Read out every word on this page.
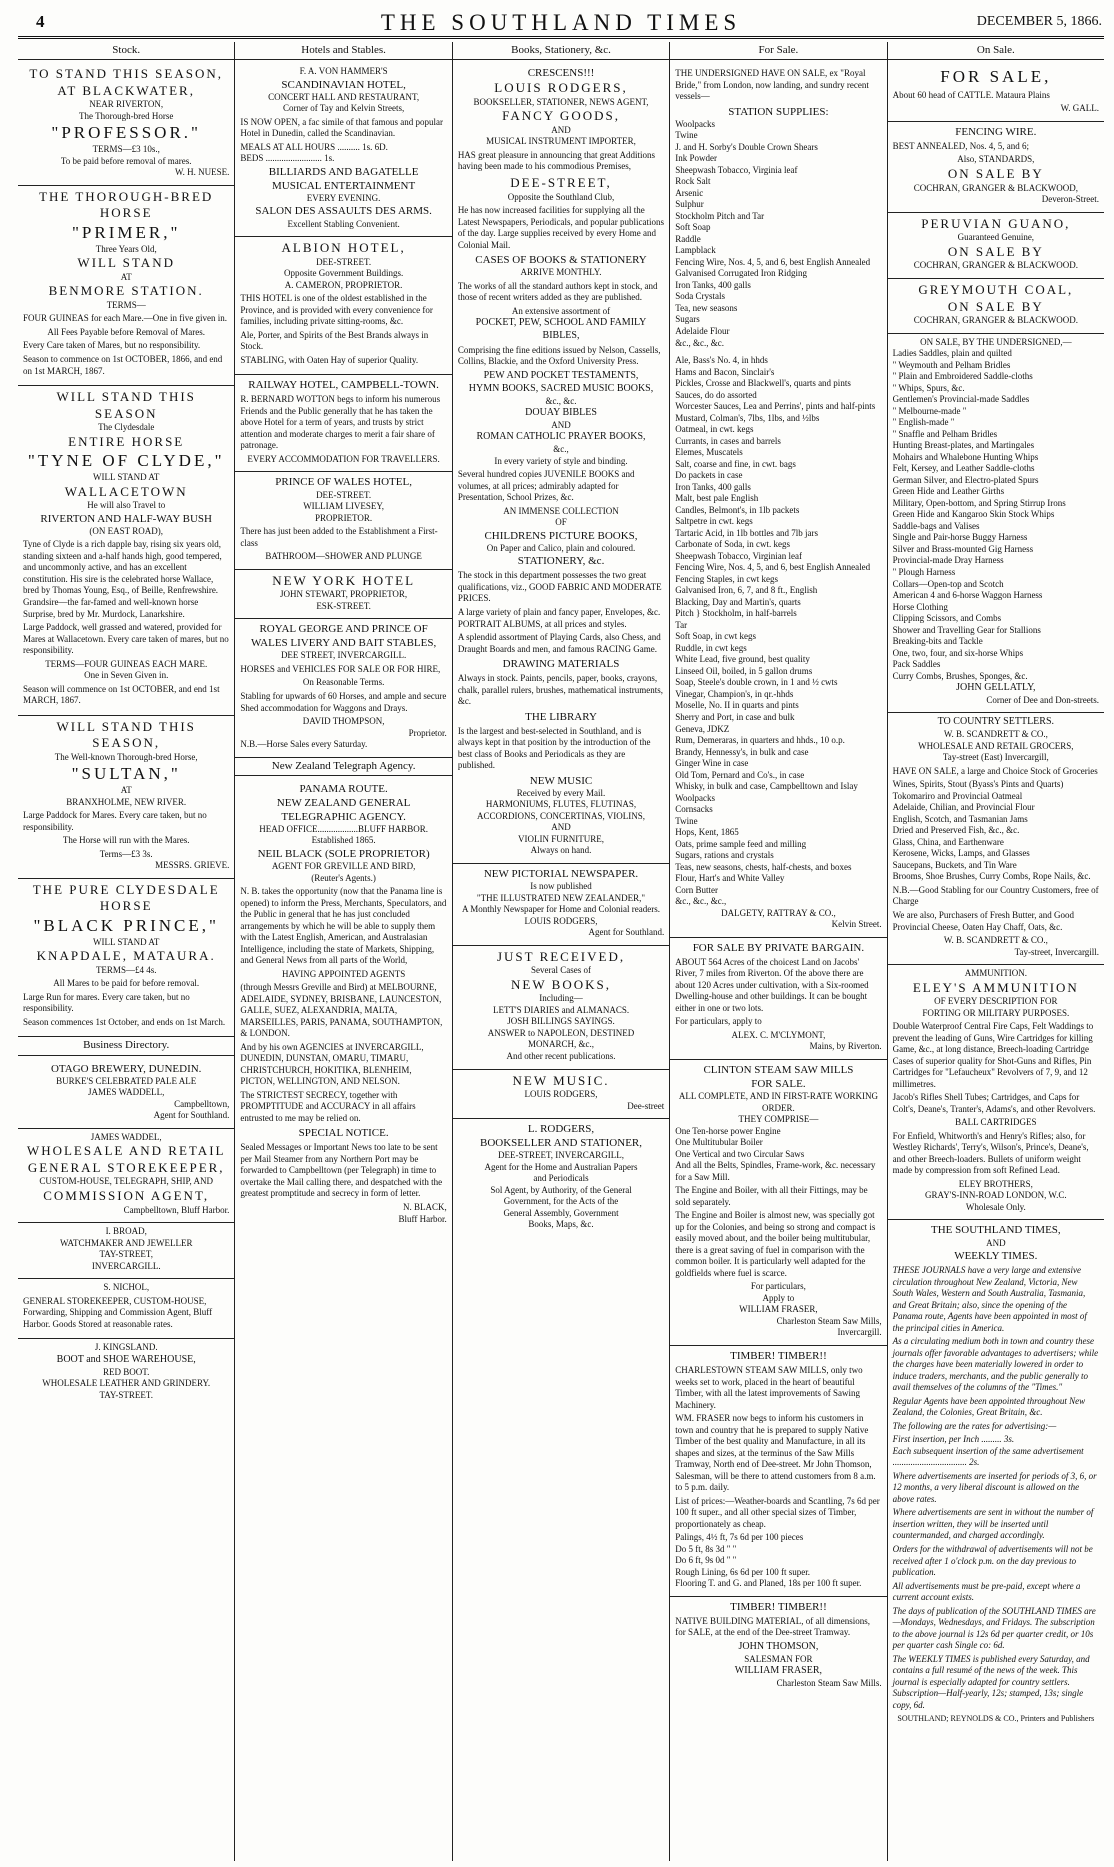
4	THE SOUTHLAND TIMES	DECEMBER 5, 1866.
Stock.
TO STAND THIS SEASON,
AT BLACKWATER,
NEAR RIVERTON,
The Thorough-bred Horse
"PROFESSOR."
TERMS—£3 10s.,
To be paid before removal of mares.
W. H. NUESE.
THE THOROUGH-BRED HORSE
"PRIMER,"
Three Years Old,
WILL STAND
AT
BENMORE STATION.
TERMS—

FOUR GUINEAS for each Mare.—One in five given in.

All Fees Payable before Removal of Mares.

Every Care taken of Mares, but no responsibility.

Season to commence on 1st OCTOBER, 1866, and end on 1st MARCH, 1867.

WILL STAND THIS SEASON
The Clydesdale
ENTIRE HORSE
"TYNE OF CLYDE,"
WILL STAND AT
WALLACETOWN
He will also Travel to
RIVERTON AND HALF-WAY BUSH
(ON EAST ROAD),

Tyne of Clyde is a rich dapple bay, rising six years old, standing sixteen and a-half hands high, good tempered, and uncommonly active, and has an excellent constitution. His sire is the celebrated horse Wallace, bred by Thomas Young, Esq., of Beille, Renfrewshire. Grandsire—the far-famed and well-known horse Surprise, bred by Mr. Murdock, Lanarkshire.

Large Paddock, well grassed and watered, provided for Mares at Wallacetown. Every care taken of mares, but no responsibility.

TERMS—FOUR GUINEAS EACH MARE.
One in Seven Given in.

Season will commence on 1st OCTOBER, and end 1st MARCH, 1867.

WILL STAND THIS SEASON,
The Well-known Thorough-bred Horse,
"SULTAN,"
AT
BRANXHOLME, NEW RIVER.

Large Paddock for Mares. Every care taken, but no responsibility.

The Horse will run with the Mares.

Terms—£3 3s.
MESSRS. GRIEVE.
THE PURE CLYDESDALE HORSE
"BLACK PRINCE,"
WILL STAND AT
KNAPDALE, MATAURA.
TERMS—£4 4s.

All Mares to be paid for before removal.

Large Run for mares. Every care taken, but no responsibility.

Season commences 1st October, and ends on 1st March.

Business Directory.
OTAGO BREWERY, DUNEDIN.
BURKE'S CELEBRATED PALE ALE
JAMES WADDELL,
Campbelltown,
Agent for Southland.
JAMES WADDEL,
WHOLESALE AND RETAIL
GENERAL STOREKEEPER,
CUSTOM-HOUSE, TELEGRAPH, SHIP, AND
COMMISSION AGENT,
Campbelltown, Bluff Harbor.
I. BROAD,
WATCHMAKER AND JEWELLER
TAY-STREET,
INVERCARGILL.
S. NICHOL,

GENERAL STOREKEEPER, CUSTOM-HOUSE, Forwarding, Shipping and Commission Agent, Bluff Harbor. Goods Stored at reasonable rates.

J. KINGSLAND.
BOOT and SHOE WAREHOUSE,
RED BOOT.
WHOLESALE LEATHER AND GRINDERY.
TAY-STREET.
Hotels and Stables.
F. A. VON HAMMER'S
SCANDINAVIAN HOTEL,
CONCERT HALL AND RESTAURANT,
Corner of Tay and Kelvin Streets,

IS NOW OPEN, a fac simile of that famous and popular Hotel in Dunedin, called the Scandinavian.

MEALS AT ALL HOURS .......... 1s. 6D.
BEDS ......................... 1s.
BILLIARDS AND BAGATELLE
MUSICAL ENTERTAINMENT
EVERY EVENING.
SALON DES ASSAULTS DES ARMS.
Excellent Stabling Convenient.
ALBION HOTEL,
DEE-STREET.
Opposite Government Buildings.
A. CAMERON, PROPRIETOR.

THIS HOTEL is one of the oldest established in the Province, and is provided with every convenience for families, including private sitting-rooms, &c.

Ale, Porter, and Spirits of the Best Brands always in Stock.

STABLING, with Oaten Hay of superior Quality.

RAILWAY HOTEL, CAMPBELL-TOWN.

R. BERNARD WOTTON begs to inform his numerous Friends and the Public generally that he has taken the above Hotel for a term of years, and trusts by strict attention and moderate charges to merit a fair share of patronage.

EVERY ACCOMMODATION FOR TRAVELLERS.
PRINCE OF WALES HOTEL,
DEE-STREET.
WILLIAM LIVESEY,
PROPRIETOR.

There has just been added to the Establishment a First-class

BATHROOM—SHOWER AND PLUNGE
NEW YORK HOTEL
JOHN STEWART, PROPRIETOR,
ESK-STREET.
ROYAL GEORGE AND PRINCE OF WALES LIVERY AND BAIT STABLES,
DEE STREET, INVERCARGILL.

HORSES and VEHICLES FOR SALE OR FOR HIRE,

On Reasonable Terms.

Stabling for upwards of 60 Horses, and ample and secure Shed accommodation for Waggons and Drays.

DAVID THOMPSON,
Proprietor.
N.B.—Horse Sales every Saturday.
New Zealand Telegraph Agency.
PANAMA ROUTE.
NEW ZEALAND GENERAL TELEGRAPHIC AGENCY.
HEAD OFFICE..................BLUFF HARBOR.
Established 1865.
NEIL BLACK (SOLE PROPRIETOR)
AGENT FOR GREVILLE AND BIRD,
(Reuter's Agents.)

N. B. takes the opportunity (now that the Panama line is opened) to inform the Press, Merchants, Speculators, and the Public in general that he has just concluded arrangements by which he will be able to supply them with the Latest English, American, and Australasian Intelligence, including the state of Markets, Shipping, and General News from all parts of the World,

HAVING APPOINTED AGENTS

(through Messrs Greville and Bird) at MELBOURNE, ADELAIDE, SYDNEY, BRISBANE, LAUNCESTON, GALLE, SUEZ, ALEXANDRIA, MALTA, MARSEILLES, PARIS, PANAMA, SOUTHAMPTON, & LONDON.

And by his own AGENCIES at INVERCARGILL, DUNEDIN, DUNSTAN, OMARU, TIMARU, CHRISTCHURCH, HOKITIKA, BLENHEIM, PICTON, WELLINGTON, AND NELSON.

The STRICTEST SECRECY, together with PROMPTITUDE and ACCURACY in all affairs entrusted to me may be relied on.

SPECIAL NOTICE.

Sealed Messages or Important News too late to be sent per Mail Steamer from any Northern Port may be forwarded to Campbelltown (per Telegraph) in time to overtake the Mail calling there, and despatched with the greatest promptitude and secrecy in form of letter.

N. BLACK,
Bluff Harbor.
Books, Stationery, &c.
CRESCENS!!!
LOUIS RODGERS,
BOOKSELLER, STATIONER, NEWS AGENT,
FANCY GOODS,
AND
MUSICAL INSTRUMENT IMPORTER,

HAS great pleasure in announcing that great Additions having been made to his commodious Premises,

DEE-STREET,
Opposite the Southland Club,

He has now increased facilities for supplying all the Latest Newspapers, Periodicals, and popular publications of the day. Large supplies received by every Home and Colonial Mail.

CASES OF BOOKS & STATIONERY
ARRIVE MONTHLY.

The works of all the standard authors kept in stock, and those of recent writers added as they are published.

An extensive assortment of
POCKET, PEW, SCHOOL AND FAMILY BIBLES,

Comprising the fine editions issued by Nelson, Cassells, Collins, Blackie, and the Oxford University Press.

PEW AND POCKET TESTAMENTS,
HYMN BOOKS, SACRED MUSIC BOOKS,
&c., &c.
DOUAY BIBLES
AND
ROMAN CATHOLIC PRAYER BOOKS,
&c.,
In every variety of style and binding.

Several hundred copies JUVENILE BOOKS and volumes, at all prices; admirably adapted for Presentation, School Prizes, &c.

AN IMMENSE COLLECTION
OF
CHILDRENS PICTURE BOOKS,
On Paper and Calico, plain and coloured.
STATIONERY, &c.

The stock in this department possesses the two great qualifications, viz., GOOD FABRIC AND MODERATE PRICES.

A large variety of plain and fancy paper, Envelopes, &c. PORTRAIT ALBUMS, at all prices and styles.

A splendid assortment of Playing Cards, also Chess, and Draught Boards and men, and famous RACING Game.

DRAWING MATERIALS

Always in stock. Paints, pencils, paper, books, crayons, chalk, parallel rulers, brushes, mathematical instruments, &c.

THE LIBRARY

Is the largest and best-selected in Southland, and is always kept in that position by the introduction of the best class of Books and Periodicals as they are published.

NEW MUSIC
Received by every Mail.
HARMONIUMS, FLUTES, FLUTINAS,
ACCORDIONS, CONCERTINAS, VIOLINS,
AND
VIOLIN FURNITURE,
Always on hand.
NEW PICTORIAL NEWSPAPER.
Is now published
"THE ILLUSTRATED NEW ZEALANDER,"
A Monthly Newspaper for Home and Colonial readers.
LOUIS RODGERS,
Agent for Southland.
JUST RECEIVED,
Several Cases of
NEW BOOKS,
Including—
LETT'S DIARIES and ALMANACS.
JOSH BILLINGS SAYINGS.
ANSWER to NAPOLEON, DESTINED
MONARCH, &c.,
And other recent publications.
NEW MUSIC.
LOUIS RODGERS,
Dee-street
L. RODGERS,
BOOKSELLER AND STATIONER,
DEE-STREET, INVERCARGILL,
Agent for the Home and Australian Papers
and Periodicals
Sol Agent, by Authority, of the General
Government, for the Acts of the
General Assembly, Government
Books, Maps, &c.
For Sale.

THE UNDERSIGNED HAVE ON SALE, ex "Royal Bride," from London, now landing, and sundry recent vessels—

STATION SUPPLIES:
Woolpacks
Twine
J. and H. Sorby's Double Crown Shears
Ink Powder
Sheepwash Tobacco, Virginia leaf
Rock Salt
Arsenic
Sulphur
Stockholm Pitch and Tar
Soft Soap
Raddle
Lampblack
Fencing Wire, Nos. 4, 5, and 6, best English Annealed
Galvanised Corrugated Iron Ridging
Iron Tanks, 400 galls
Soda Crystals
Tea, new seasons
Sugars
Adelaide Flour
&c., &c., &c.
Ale, Bass's No. 4, in hhds
Hams and Bacon, Sinclair's
Pickles, Crosse and Blackwell's, quarts and pints
Sauces, do do assorted
Worcester Sauces, Lea and Perrins', pints and half-pints
Mustard, Colman's, 7lbs, 1lbs, and ½lbs
Oatmeal, in cwt. kegs
Currants, in cases and barrels
Elemes, Muscatels
Salt, coarse and fine, in cwt. bags
Do packets in case
Iron Tanks, 400 galls
Malt, best pale English
Candles, Belmont's, in 1lb packets
Saltpetre in cwt. kegs
Tartaric Acid, in 1lb bottles and 7lb jars
Carbonate of Soda, in cwt. kegs
Sheepwash Tobacco, Virginian leaf
Fencing Wire, Nos. 4, 5, and 6, best English Annealed
Fencing Staples, in cwt kegs
Galvanised Iron, 6, 7, and 8 ft., English
Blacking, Day and Martin's, quarts
Pitch } Stockholm, in half-barrels
Tar
Soft Soap, in cwt kegs
Ruddle, in cwt kegs
White Lead, five ground, best quality
Linseed Oil, boiled, in 5 gallon drums
Soap, Steele's double crown, in 1 and ½ cwts
Vinegar, Champion's, in qr.-hhds
Moselle, No. II in quarts and pints
Sherry and Port, in case and bulk
Geneva, JDKZ
Rum, Demeraras, in quarters and hhds., 10 o.p.
Brandy, Hennessy's, in bulk and case
Ginger Wine in case
Old Tom, Pernard and Co's., in case
Whisky, in bulk and case, Campbelltown and Islay
Woolpacks
Cornsacks
Twine
Hops, Kent, 1865
Oats, prime sample feed and milling
Sugars, rations and crystals
Teas, new seasons, chests, half-chests, and boxes
Flour, Hart's and White Valley
Corn Butter
&c., &c., &c.,
DALGETY, RATTRAY & CO.,
Kelvin Street.
FOR SALE BY PRIVATE BARGAIN.

ABOUT 564 Acres of the choicest Land on Jacobs' River, 7 miles from Riverton. Of the above there are about 120 Acres under cultivation, with a Six-roomed Dwelling-house and other buildings. It can be bought either in one or two lots.

For particulars, apply to

ALEX. C. M'CLYMONT,
Mains, by Riverton.
CLINTON STEAM SAW MILLS
FOR SALE.
ALL COMPLETE, AND IN FIRST-RATE WORKING ORDER.
THEY COMPRISE—
One Ten-horse power Engine
One Multitubular Boiler
One Vertical and two Circular Saws
And all the Belts, Spindles, Frame-work, &c. necessary for a Saw Mill.

The Engine and Boiler, with all their Fittings, may be sold separately.

The Engine and Boiler is almost new, was specially got up for the Colonies, and being so strong and compact is easily moved about, and the boiler being multitubular, there is a great saving of fuel in comparison with the common boiler. It is particularly well adapted for the goldfields where fuel is scarce.

For particulars,
Apply to
WILLIAM FRASER,
Charleston Steam Saw Mills,
Invercargill.
TIMBER! TIMBER!!

CHARLESTOWN STEAM SAW MILLS, only two weeks set to work, placed in the heart of beautiful Timber, with all the latest improvements of Sawing Machinery.

WM. FRASER now begs to inform his customers in town and country that he is prepared to supply Native Timber of the best quality and Manufacture, in all its shapes and sizes, at the terminus of the Saw Mills Tramway, North end of Dee-street. Mr John Thomson, Salesman, will be there to attend customers from 8 a.m. to 5 p.m. daily.

List of prices:—Weather-boards and Scantling, 7s 6d per 100 ft super., and all other special sizes of Timber, proportionately as cheap.

Palings, 4½ ft, 7s 6d per 100 pieces
Do 5 ft, 8s 3d " "
Do 6 ft, 9s 0d " "
Rough Lining, 6s 6d per 100 ft super.
Flooring T. and G. and Planed, 18s per 100 ft super.
TIMBER! TIMBER!!

NATIVE BUILDING MATERIAL, of all dimensions, for SALE, at the end of the Dee-street Tramway.

JOHN THOMSON,
SALESMAN FOR
WILLIAM FRASER,
Charleston Steam Saw Mills.
On Sale.
FOR SALE,

About 60 head of CATTLE. Mataura Plains

W. GALL.
FENCING WIRE.

BEST ANNEALED, Nos. 4, 5, and 6;

Also, STANDARDS,
ON SALE BY
COCHRAN, GRANGER & BLACKWOOD,
Deveron-Street.
PERUVIAN GUANO,
Guaranteed Genuine,
ON SALE BY
COCHRAN, GRANGER & BLACKWOOD.
GREYMOUTH COAL,
ON SALE BY
COCHRAN, GRANGER & BLACKWOOD.
ON SALE, BY THE UNDERSIGNED,—
Ladies Saddles, plain and quilted
" Weymouth and Pelham Bridles
" Plain and Embroidered Saddle-cloths
" Whips, Spurs, &c.
Gentlemen's Provincial-made Saddles
" Melbourne-made "
" English-made "
" Snaffle and Pelham Bridles
Hunting Breast-plates, and Martingales
Mohairs and Whalebone Hunting Whips
Felt, Kersey, and Leather Saddle-cloths
German Silver, and Electro-plated Spurs
Green Hide and Leather Girths
Military, Open-bottom, and Spring Stirrup Irons
Green Hide and Kangaroo Skin Stock Whips
Saddle-bags and Valises
Single and Pair-horse Buggy Harness
Silver and Brass-mounted Gig Harness
Provincial-made Dray Harness
" Plough Harness
Collars—Open-top and Scotch
American 4 and 6-horse Waggon Harness
Horse Clothing
Clipping Scissors, and Combs
Shower and Travelling Gear for Stallions
Breaking-bits and Tackle
One, two, four, and six-horse Whips
Pack Saddles
Curry Combs, Brushes, Sponges, &c.
JOHN GELLATLY,
Corner of Dee and Don-streets.
TO COUNTRY SETTLERS.
W. B. SCANDRETT & CO.,
WHOLESALE AND RETAIL GROCERS,
Tay-street (East) Invercargill,

HAVE ON SALE, a large and Choice Stock of Groceries

Wines, Spirits, Stout (Byass's Pints and Quarts)
Tokomariro and Provincial Oatmeal
Adelaide, Chilian, and Provincial Flour
English, Scotch, and Tasmanian Jams
Dried and Preserved Fish, &c., &c.
Glass, China, and Earthenware
Kerosene, Wicks, Lamps, and Glasses
Saucepans, Buckets, and Tin Ware
Brooms, Shoe Brushes, Curry Combs, Rope Nails, &c.

N.B.—Good Stabling for our Country Customers, free of Charge

We are also, Purchasers of Fresh Butter, and Good Provincial Cheese, Oaten Hay Chaff, Oats, &c.

W. B. SCANDRETT & CO.,
Tay-street, Invercargill.
AMMUNITION.
ELEY'S AMMUNITION
OF EVERY DESCRIPTION FOR
FORTING OR MILITARY PURPOSES.

Double Waterproof Central Fire Caps, Felt Waddings to prevent the leading of Guns, Wire Cartridges for killing Game, &c., at long distance, Breech-loading Cartridge Cases of superior quality for Shot-Guns and Rifles, Pin Cartridges for "Lefaucheux" Revolvers of 7, 9, and 12 millimetres.

Jacob's Rifles Shell Tubes; Cartridges, and Caps for Colt's, Deane's, Tranter's, Adams's, and other Revolvers.

BALL CARTRIDGES

For Enfield, Whitworth's and Henry's Rifles; also, for Westley Richards', Terry's, Wilson's, Prince's, Deane's, and other Breech-loaders. Bullets of uniform weight made by compression from soft Refined Lead.

ELEY BROTHERS,
GRAY'S-INN-ROAD LONDON, W.C.
Wholesale Only.
THE SOUTHLAND TIMES,
AND
WEEKLY TIMES.

THESE JOURNALS have a very large and extensive circulation throughout New Zealand, Victoria, New South Wales, Western and South Australia, Tasmania, and Great Britain; also, since the opening of the Panama route, Agents have been appointed in most of the principal cities in America.

As a circulating medium both in town and country these journals offer favorable advantages to advertisers; while the charges have been materially lowered in order to induce traders, merchants, and the public generally to avail themselves of the columns of the "Times."

Regular Agents have been appointed throughout New Zealand, the Colonies, Great Britain, &c.

The following are the rates for advertising:—

First insertion, per Inch ......... 3s.
Each subsequent insertion of the same advertisement ................................. 2s.

Where advertisements are inserted for periods of 3, 6, or 12 months, a very liberal discount is allowed on the above rates.

Where advertisements are sent in without the number of insertion written, they will be inserted until countermanded, and charged accordingly.

Orders for the withdrawal of advertisements will not be received after 1 o'clock p.m. on the day previous to publication.

All advertisements must be pre-paid, except where a current account exists.

The days of publication of the SOUTHLAND TIMES are—Mondays, Wednesdays, and Fridays. The subscription to the above journal is 12s 6d per quarter credit, or 10s per quarter cash Single co: 6d.

The WEEKLY TIMES is published every Saturday, and contains a full resumé of the news of the week. This journal is especially adapted for country settlers. Subscription—Half-yearly, 12s; stamped, 13s; single copy, 6d.

SOUTHLAND; REYNOLDS & CO., Printers and Publishers
